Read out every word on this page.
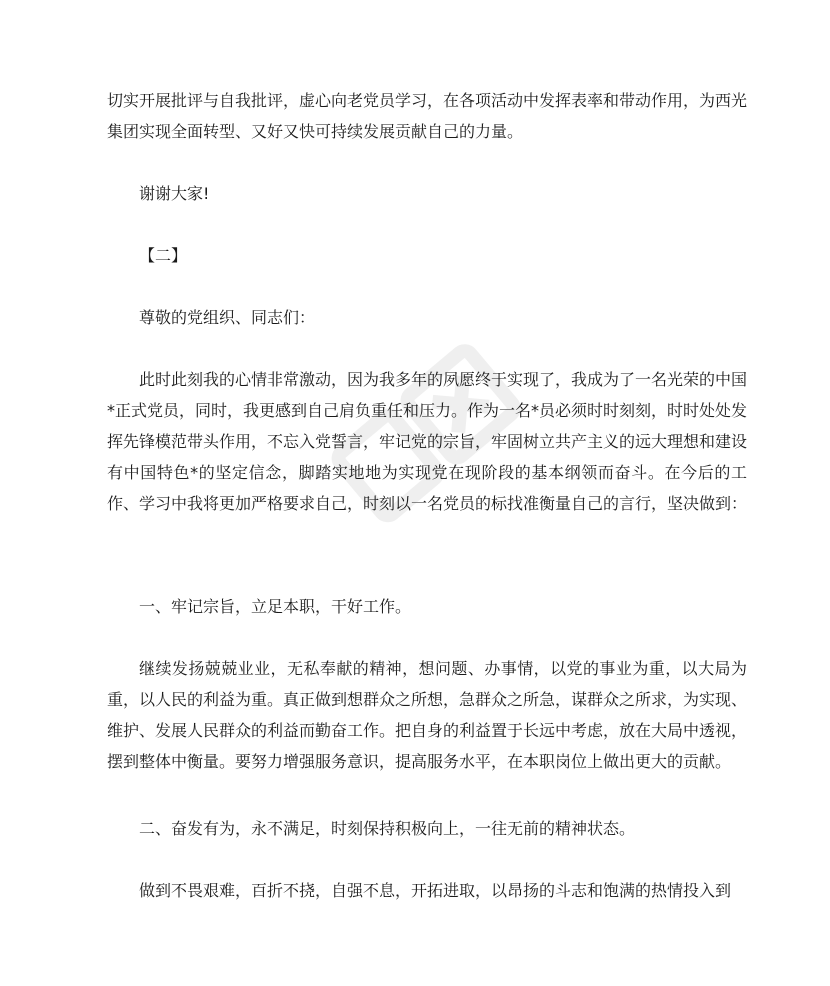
切实开展批评与自我批评，虚心向老党员学习，在各项活动中发挥表率和带动作用，为西光集团实现全面转型、又好又快可持续发展贡献自己的力量。

谢谢大家!

【二】

尊敬的党组织、同志们：

此时此刻我的心情非常激动，因为我多年的夙愿终于实现了，我成为了一名光荣的中国*正式党员，同时，我更感到自己肩负重任和压力。作为一名*员必须时时刻刻，时时处处发挥先锋模范带头作用，不忘入党誓言，牢记党的宗旨，牢固树立共产主义的远大理想和建设有中国特色*的坚定信念，脚踏实地地为实现党在现阶段的基本纲领而奋斗。在今后的工作、学习中我将更加严格要求自己，时刻以一名党员的标找准衡量自己的言行，坚决做到：

一、牢记宗旨，立足本职，干好工作。

继续发扬兢兢业业，无私奉献的精神，想问题、办事情，以党的事业为重，以大局为重，以人民的利益为重。真正做到想群众之所想，急群众之所急，谋群众之所求，为实现、维护、发展人民群众的利益而勤奋工作。把自身的利益置于长远中考虑，放在大局中透视，摆到整体中衡量。要努力增强服务意识，提高服务水平，在本职岗位上做出更大的贡献。

二、奋发有为，永不满足，时刻保持积极向上，一往无前的精神状态。

做到不畏艰难，百折不挠，自强不息，开拓进取，以昂扬的斗志和饱满的热情投入到
